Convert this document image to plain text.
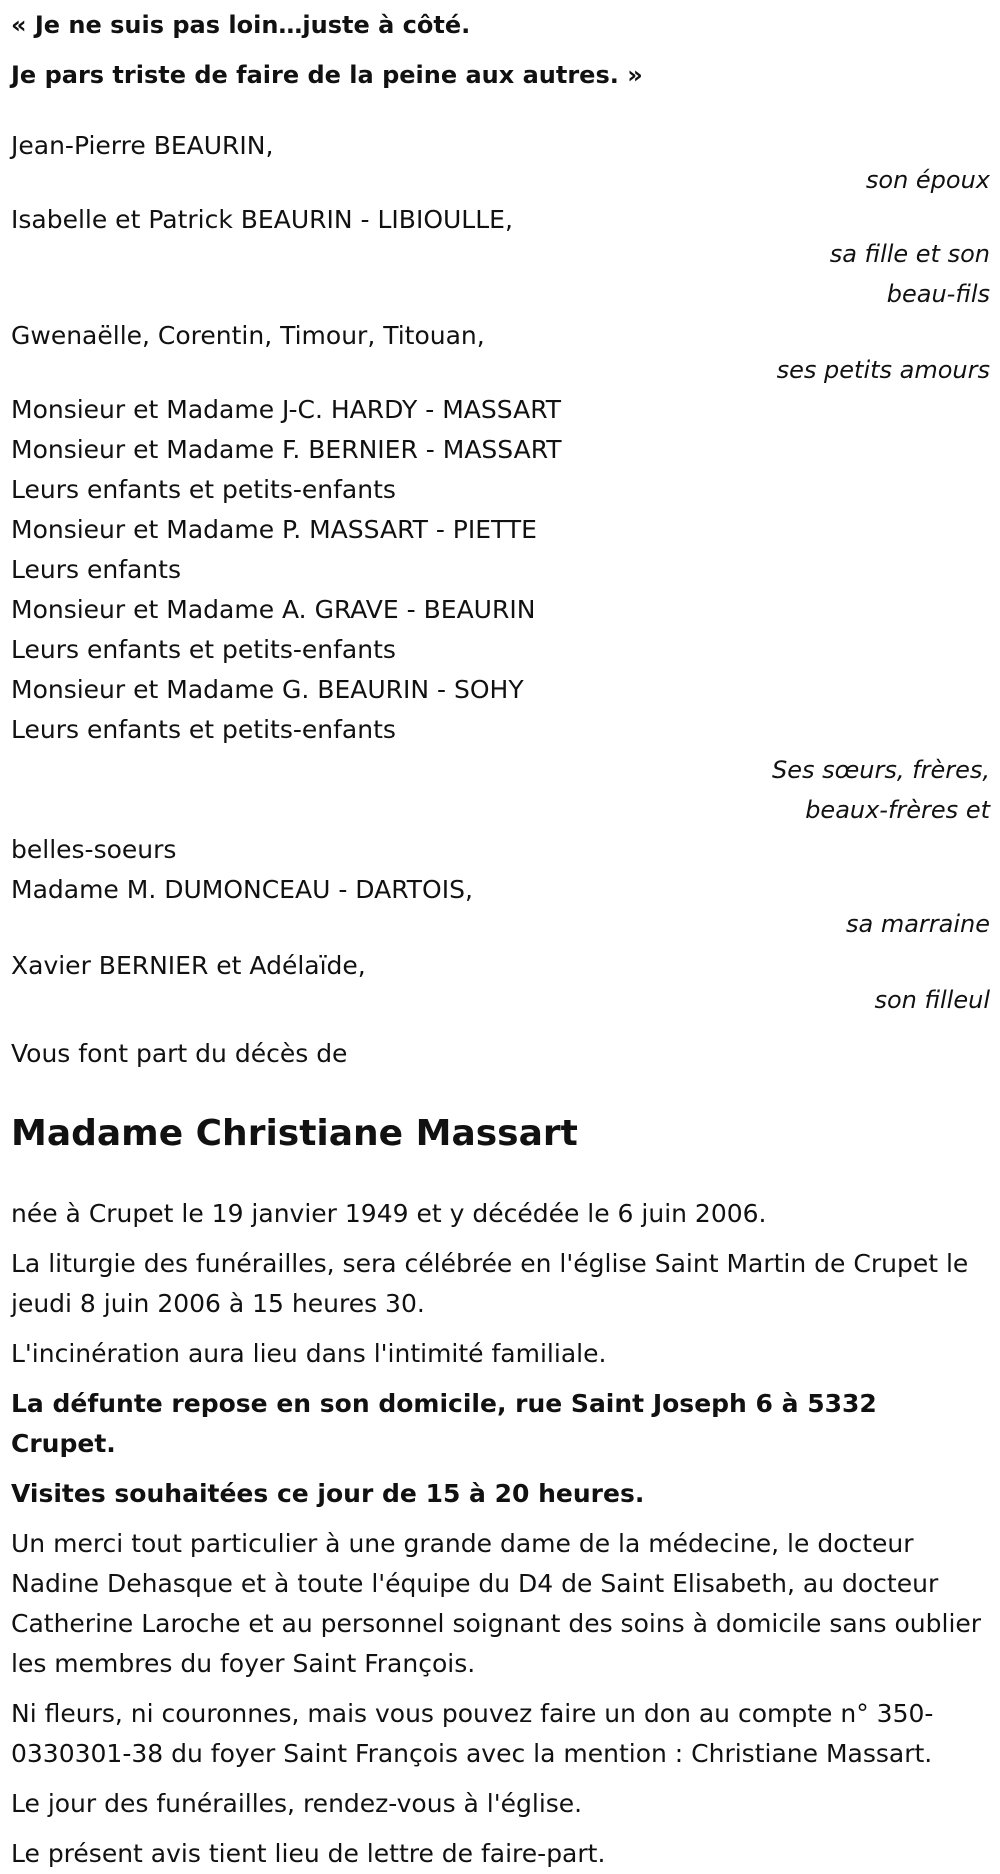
« Je ne suis pas loin…juste à côté.
Je pars triste de faire de la peine aux autres. »
Jean-Pierre BEAURIN,
son époux
Isabelle et Patrick BEAURIN - LIBIOULLE,
sa fille et son
beau-fils
Gwenaëlle, Corentin, Timour, Titouan,
ses petits amours
Monsieur et Madame J-C. HARDY - MASSART
Monsieur et Madame F. BERNIER - MASSART
Leurs enfants et petits-enfants
Monsieur et Madame P. MASSART - PIETTE
Leurs enfants
Monsieur et Madame A. GRAVE - BEAURIN
Leurs enfants et petits-enfants
Monsieur et Madame G. BEAURIN - SOHY
Leurs enfants et petits-enfants
Ses sœurs, frères,
beaux-frères et
belles-soeurs
Madame M. DUMONCEAU - DARTOIS,
sa marraine
Xavier BERNIER et Adélaïde,
son filleul
Vous font part du décès de
Madame Christiane Massart

née à Crupet le 19 janvier 1949 et y décédée le 6 juin 2006.

La liturgie des funérailles, sera célébrée en l'église Saint Martin de Crupet le jeudi 8 juin 2006 à 15 heures 30.

L'incinération aura lieu dans l'intimité familiale.

La défunte repose en son domicile, rue Saint Joseph 6 à 5332 Crupet.

Visites souhaitées ce jour de 15 à 20 heures.

Un merci tout particulier à une grande dame de la médecine, le docteur Nadine Dehasque et à toute l'équipe du D4 de Saint Elisabeth, au docteur Catherine Laroche et au personnel soignant des soins à domicile sans oublier les membres du foyer Saint François.

Ni fleurs, ni couronnes, mais vous pouvez faire un don au compte n° 350-0330301-38 du foyer Saint François avec la mention : Christiane Massart.

Le jour des funérailles, rendez-vous à l'église.

Le présent avis tient lieu de lettre de faire-part.
